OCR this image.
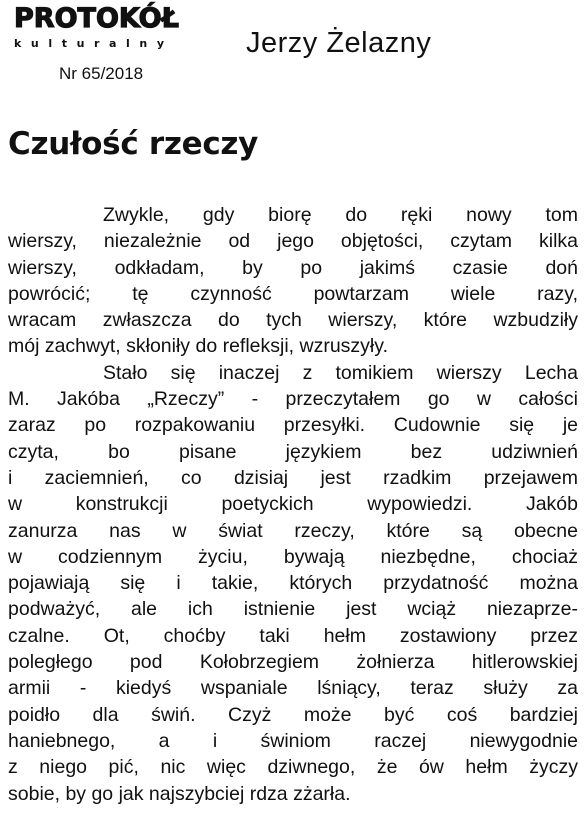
PROTOKÓŁ
kulturalny
Nr 65/2018
Jerzy Żelazny
Czułość rzeczy
Zwykle, gdy biorę do ręki nowy tom
wierszy, niezależnie od jego objętości, czytam kilka
wierszy, odkładam, by po jakimś czasie doń
powrócić; tę czynność powtarzam wiele razy,
wracam zwłaszcza do tych wierszy, które wzbudziły
mój zachwyt, skłoniły do refleksji, wzruszyły.
Stało się inaczej z tomikiem wierszy Lecha
M. Jakóba „Rzeczy” - przeczytałem go w całości
zaraz po rozpakowaniu przesyłki. Cudownie się je
czyta, bo pisane językiem bez udziwnień
i zaciemnień, co dzisiaj jest rzadkim przejawem
w konstrukcji poetyckich wypowiedzi. Jakób
zanurza nas w świat rzeczy, które są obecne
w codziennym życiu, bywają niezbędne, chociaż
pojawiają się i takie, których przydatność można
podważyć, ale ich istnienie jest wciąż niezaprze-
czalne. Ot, choćby taki hełm zostawiony przez
poległego pod Kołobrzegiem żołnierza hitlerowskiej
armii - kiedyś wspaniale lśniący, teraz służy za
poidło dla świń. Czyż może być coś bardziej
haniebnego, a i świniom raczej niewygodnie
z niego pić, nic więc dziwnego, że ów hełm życzy
sobie, by go jak najszybciej rdza zżarła.
